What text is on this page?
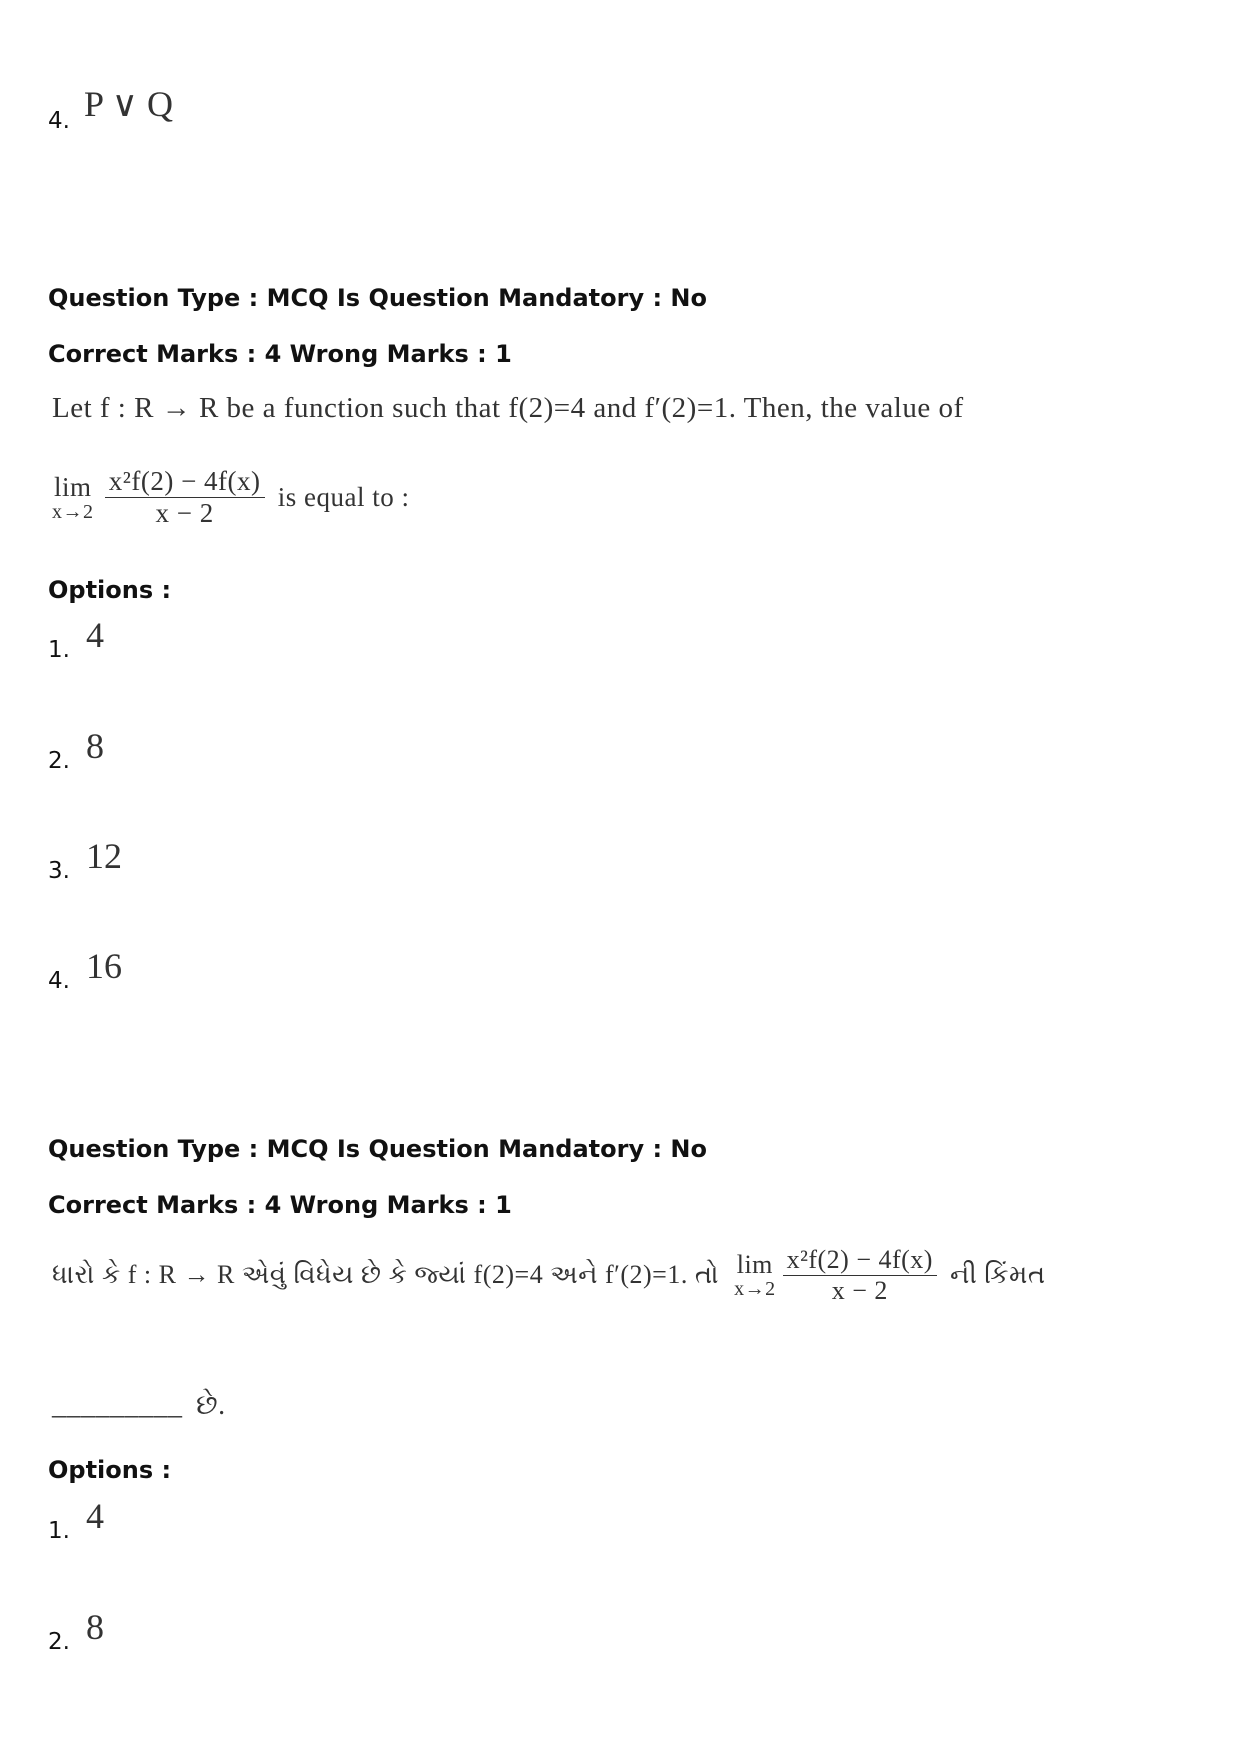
4. P ∨ Q
Question Type : MCQ Is Question Mandatory : No
Correct Marks : 4 Wrong Marks : 1
Let f : R → R be a function such that f(2)=4 and f′(2)=1. Then, the value of
lim
x→2
$\frac{\text{x²f(2) − 4f(x)}}{x - 2}$ is equal to :
Options :
1. 4
2. 8
3. 12
4. 16
Question Type : MCQ Is Question Mandatory : No
Correct Marks : 4 Wrong Marks : 1
ધારો કે f : R → R એવું વિધેય છે કે જ્યાં f(2)=4 અને f′(2)=1. તો lim
x→2
$\frac{\text{x²f(2) − 4f(x)}}{x - 2}$ ની કિંમત
_________ છે.
Options :
1. 4
2. 8
